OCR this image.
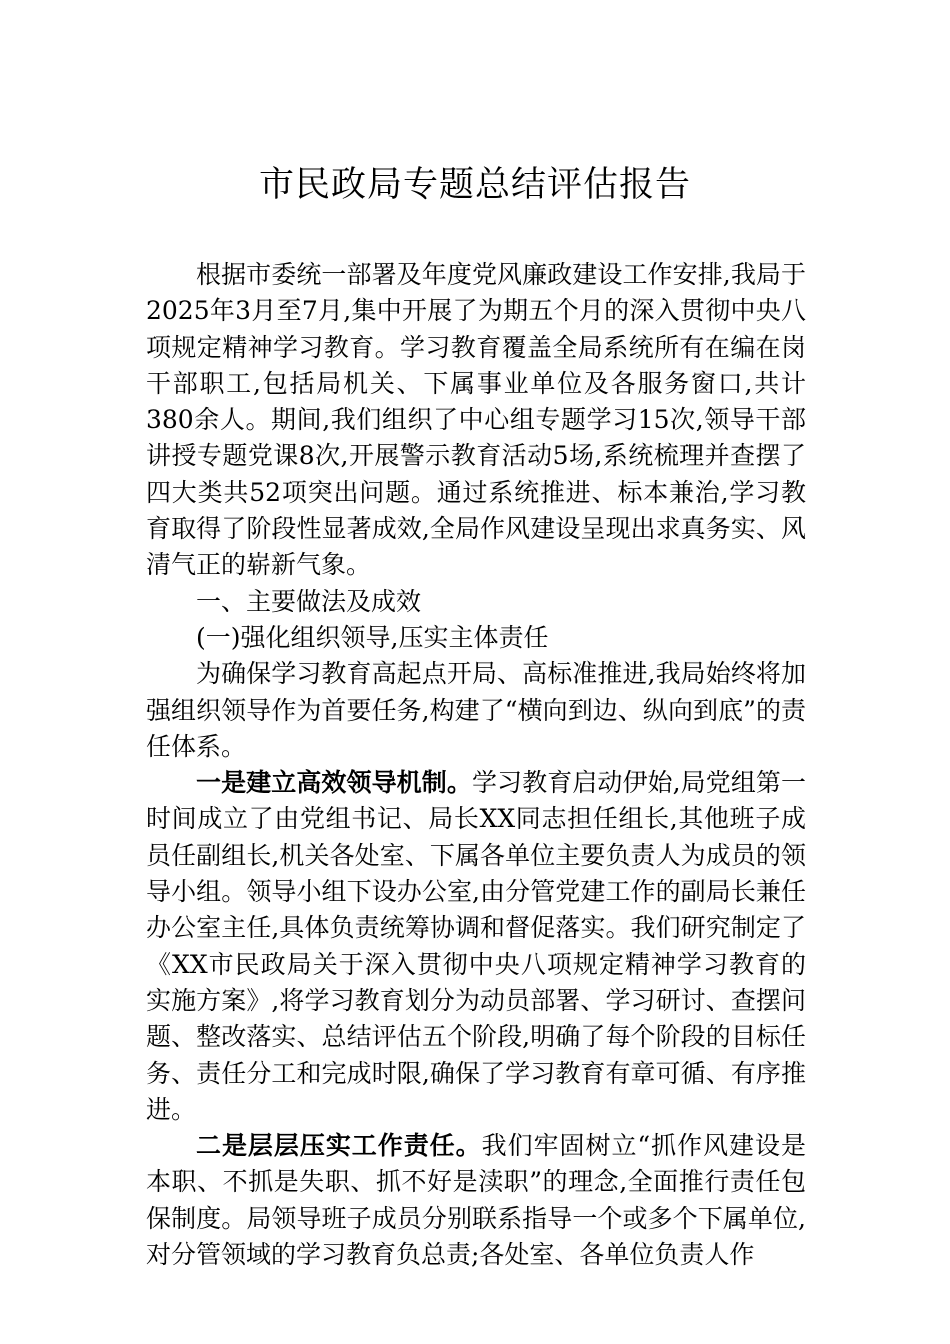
市民政局专题总结评估报告

根据市委统一部署及年度党风廉政建设工作安排,我局于2025年3月至7月,集中开展了为期五个月的深入贯彻中央八项规定精神学习教育。学习教育覆盖全局系统所有在编在岗干部职工,包括局机关、下属事业单位及各服务窗口,共计380余人。期间,我们组织了中心组专题学习15次,领导干部讲授专题党课8次,开展警示教育活动5场,系统梳理并查摆了四大类共52项突出问题。通过系统推进、标本兼治,学习教育取得了阶段性显著成效,全局作风建设呈现出求真务实、风清气正的崭新气象。

一、主要做法及成效

(一)强化组织领导,压实主体责任

为确保学习教育高起点开局、高标准推进,我局始终将加强组织领导作为首要任务,构建了“横向到边、纵向到底”的责任体系。

一是建立高效领导机制。学习教育启动伊始,局党组第一时间成立了由党组书记、局长XX同志担任组长,其他班子成员任副组长,机关各处室、下属各单位主要负责人为成员的领导小组。领导小组下设办公室,由分管党建工作的副局长兼任办公室主任,具体负责统筹协调和督促落实。我们研究制定了《XX市民政局关于深入贯彻中央八项规定精神学习教育的实施方案》,将学习教育划分为动员部署、学习研讨、查摆问题、整改落实、总结评估五个阶段,明确了每个阶段的目标任务、责任分工和完成时限,确保了学习教育有章可循、有序推进。

二是层层压实工作责任。我们牢固树立“抓作风建设是本职、不抓是失职、抓不好是渎职”的理念,全面推行责任包保制度。局领导班子成员分别联系指导一个或多个下属单位,对分管领域的学习教育负总责;各处室、各单位负责人作
